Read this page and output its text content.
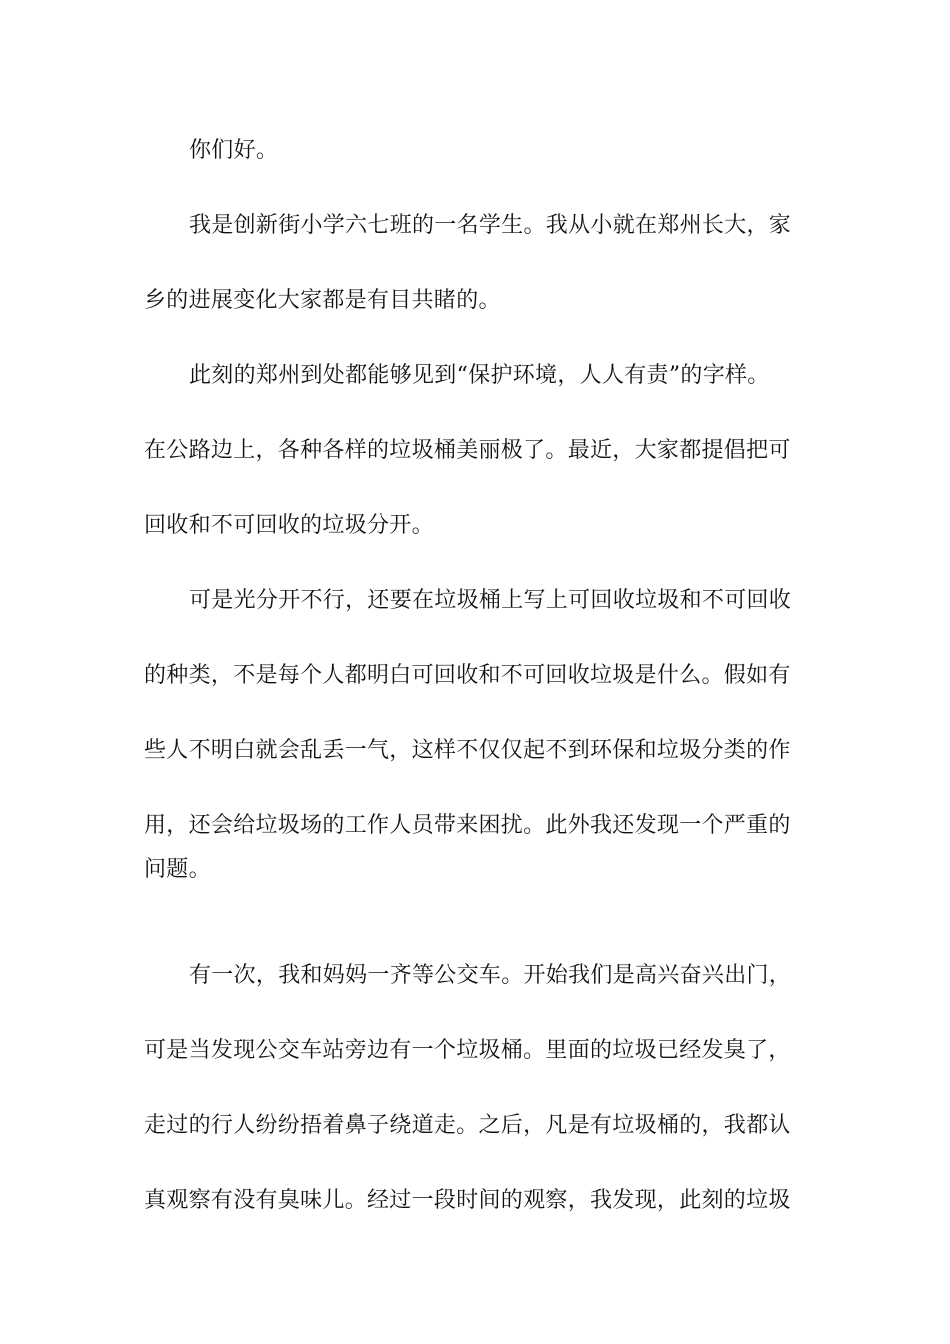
你们好。
我是创新街小学六七班的一名学生。我从小就在郑州长大，家
乡的进展变化大家都是有目共睹的。
此刻的郑州到处都能够见到“保护环境，人人有责”的字样。
在公路边上，各种各样的垃圾桶美丽极了。最近，大家都提倡把可
回收和不可回收的垃圾分开。
可是光分开不行，还要在垃圾桶上写上可回收垃圾和不可回收
的种类，不是每个人都明白可回收和不可回收垃圾是什么。假如有
些人不明白就会乱丢一气，这样不仅仅起不到环保和垃圾分类的作
用，还会给垃圾场的工作人员带来困扰。此外我还发现一个严重的
问题。
有一次，我和妈妈一齐等公交车。开始我们是高兴奋兴出门，
可是当发现公交车站旁边有一个垃圾桶。里面的垃圾已经发臭了，
走过的行人纷纷捂着鼻子绕道走。之后，凡是有垃圾桶的，我都认
真观察有没有臭味儿。经过一段时间的观察，我发现，此刻的垃圾
